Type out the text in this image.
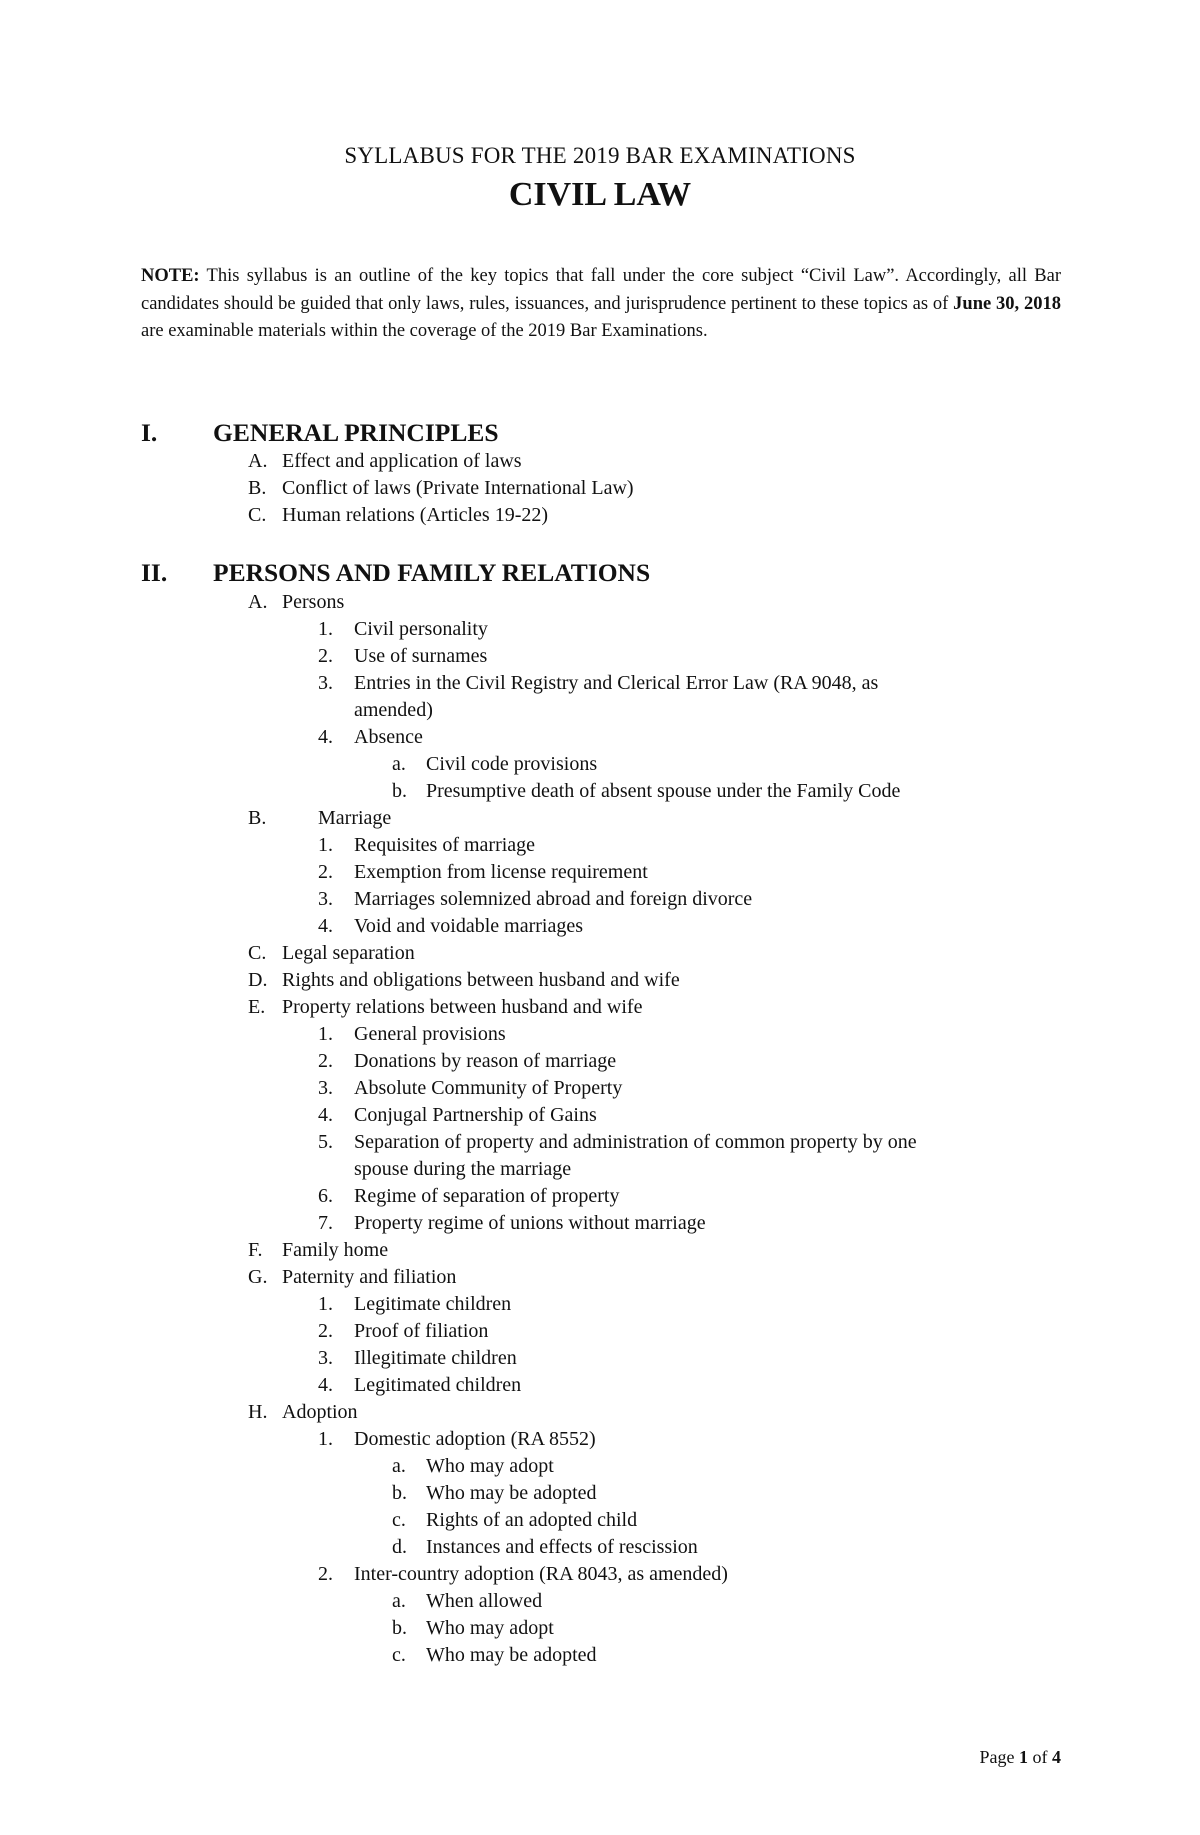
SYLLABUS FOR THE 2019 BAR EXAMINATIONS
CIVIL LAW

NOTE: This syllabus is an outline of the key topics that fall under the core subject “Civil Law”. Accordingly, all Bar candidates should be guided that only laws, rules, issuances, and jurisprudence pertinent to these topics as of June 30, 2018 are examinable materials within the coverage of the 2019 Bar Examinations.

I. GENERAL PRINCIPLES
A. Effect and application of laws
B. Conflict of laws (Private International Law)
C. Human relations (Articles 19-22)
II. PERSONS AND FAMILY RELATIONS
A. Persons
1. Civil personality
2. Use of surnames
3. Entries in the Civil Registry and Clerical Error Law (RA 9048, as
amended)
4. Absence
a. Civil code provisions
b. Presumptive death of absent spouse under the Family Code
B.	Marriage
1. Requisites of marriage
2. Exemption from license requirement
3. Marriages solemnized abroad and foreign divorce
4. Void and voidable marriages
C. Legal separation
D. Rights and obligations between husband and wife
E. Property relations between husband and wife
1. General provisions
2. Donations by reason of marriage
3. Absolute Community of Property
4. Conjugal Partnership of Gains
5. Separation of property and administration of common property by one
spouse during the marriage
6. Regime of separation of property
7. Property regime of unions without marriage
F. Family home
G. Paternity and filiation
1. Legitimate children
2. Proof of filiation
3. Illegitimate children
4. Legitimated children
H. Adoption
1. Domestic adoption (RA 8552)
a. Who may adopt
b. Who may be adopted
c. Rights of an adopted child
d. Instances and effects of rescission
2. Inter-country adoption (RA 8043, as amended)
a. When allowed
b. Who may adopt
c. Who may be adopted
Page 1 of 4
